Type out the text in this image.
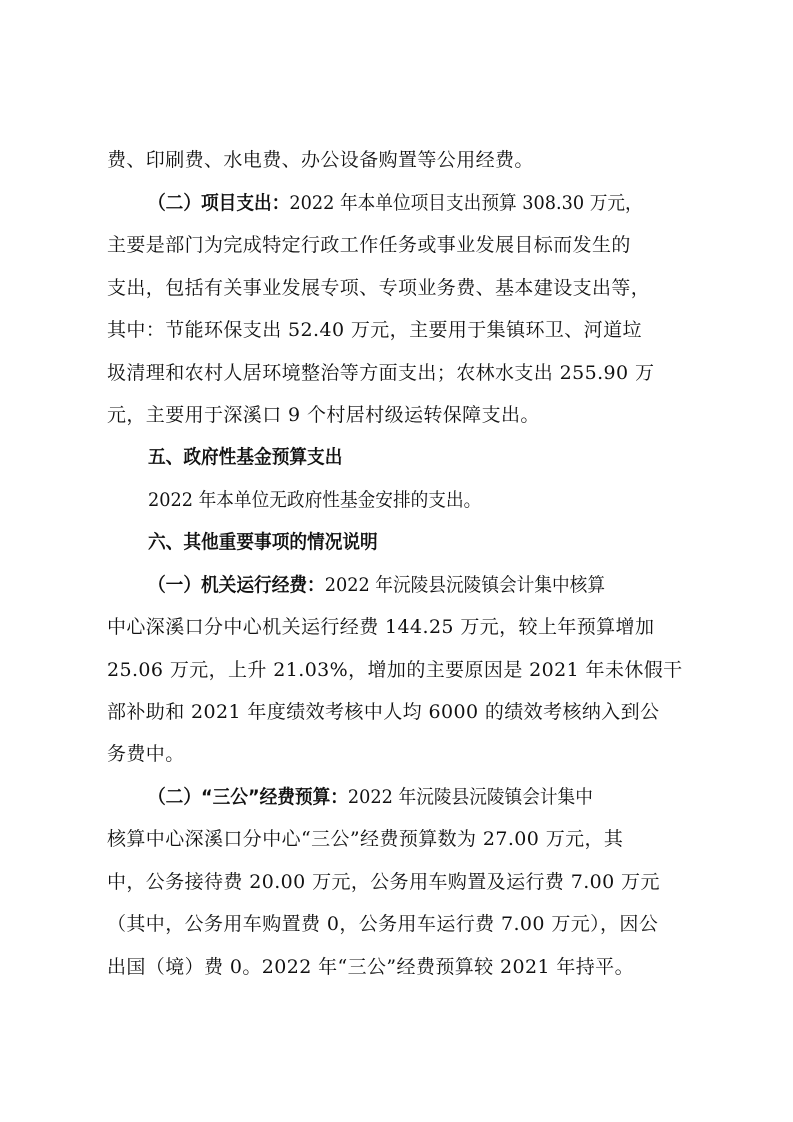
费、印刷费、水电费、办公设备购置等公用经费。
（二）项目支出：2022 年本单位项目支出预算 308.30 万元，
主要是部门为完成特定行政工作任务或事业发展目标而发生的
支出，包括有关事业发展专项、专项业务费、基本建设支出等，
其中：节能环保支出 52.40 万元，主要用于集镇环卫、河道垃
圾清理和农村人居环境整治等方面支出；农林水支出 255.90 万
元，主要用于深溪口 9 个村居村级运转保障支出。
五、政府性基金预算支出
2022 年本单位无政府性基金安排的支出。
六、其他重要事项的情况说明
（一）机关运行经费：2022 年沅陵县沅陵镇会计集中核算
中心深溪口分中心机关运行经费 144.25 万元，较上年预算增加
25.06 万元，上升 21.03%，增加的主要原因是 2021 年未休假干
部补助和 2021 年度绩效考核中人均 6000 的绩效考核纳入到公
务费中。
（二）“三公”经费预算：2022 年沅陵县沅陵镇会计集中
核算中心深溪口分中心“三公”经费预算数为 27.00 万元，其
中，公务接待费 20.00 万元，公务用车购置及运行费 7.00 万元
（其中，公务用车购置费 0，公务用车运行费 7.00 万元），因公
出国（境）费 0。2022 年“三公”经费预算较 2021 年持平。
